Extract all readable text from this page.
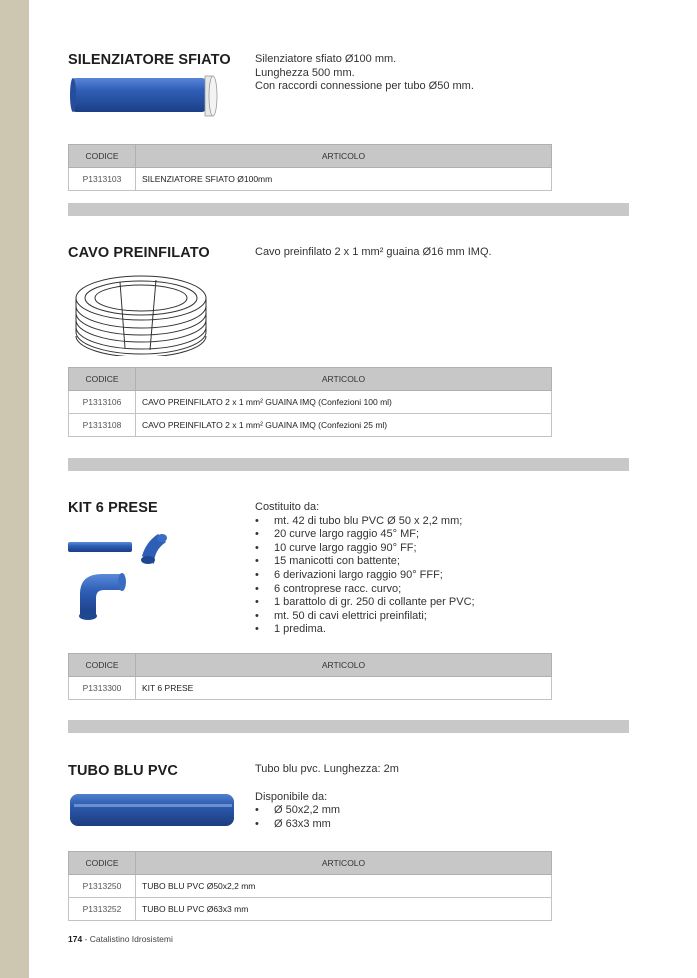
SILENZIATORE SFIATO Silenziatore sfiato Ø100 mm.
Lunghezza 500 mm.
Con raccordi connessione per tubo Ø50 mm.
CODICE	ARTICOLO
P1313103	SILENZIATORE SFIATO Ø100mm
CAVO PREINFILATO	Cavo preinfilato 2 x 1 mm² guaina Ø16 mm IMQ.
CODICE	ARTICOLO
P1313106	CAVO PREINFILATO 2 x 1 mm² GUAINA IMQ (Confezioni 100 ml)
P1313108	CAVO PREINFILATO 2 x 1 mm² GUAINA IMQ (Confezioni 25 ml)
KIT 6 PRESE	Costituito da:
• mt. 42 di tubo blu PVC Ø 50 x 2,2 mm;
• 20 curve largo raggio 45° MF;
• 10 curve largo raggio 90° FF;
• 15 manicotti con battente;
• 6 derivazioni largo raggio 90° FFF;
• 6 controprese racc. curvo;
• 1 barattolo di gr. 250 di collante per PVC;
• mt. 50 di cavi elettrici preinfilati;
• 1 predima.
CODICE	ARTICOLO
P1313300	KIT 6 PRESE
TUBO BLU PVC	Tubo blu pvc. Lunghezza: 2m
Disponibile da:
• Ø 50x2,2 mm
• Ø 63x3 mm
CODICE	ARTICOLO
P1313250	TUBO BLU PVC Ø50x2,2 mm
P1313252	TUBO BLU PVC Ø63x3 mm
174 - Catalistino Idrosistemi
